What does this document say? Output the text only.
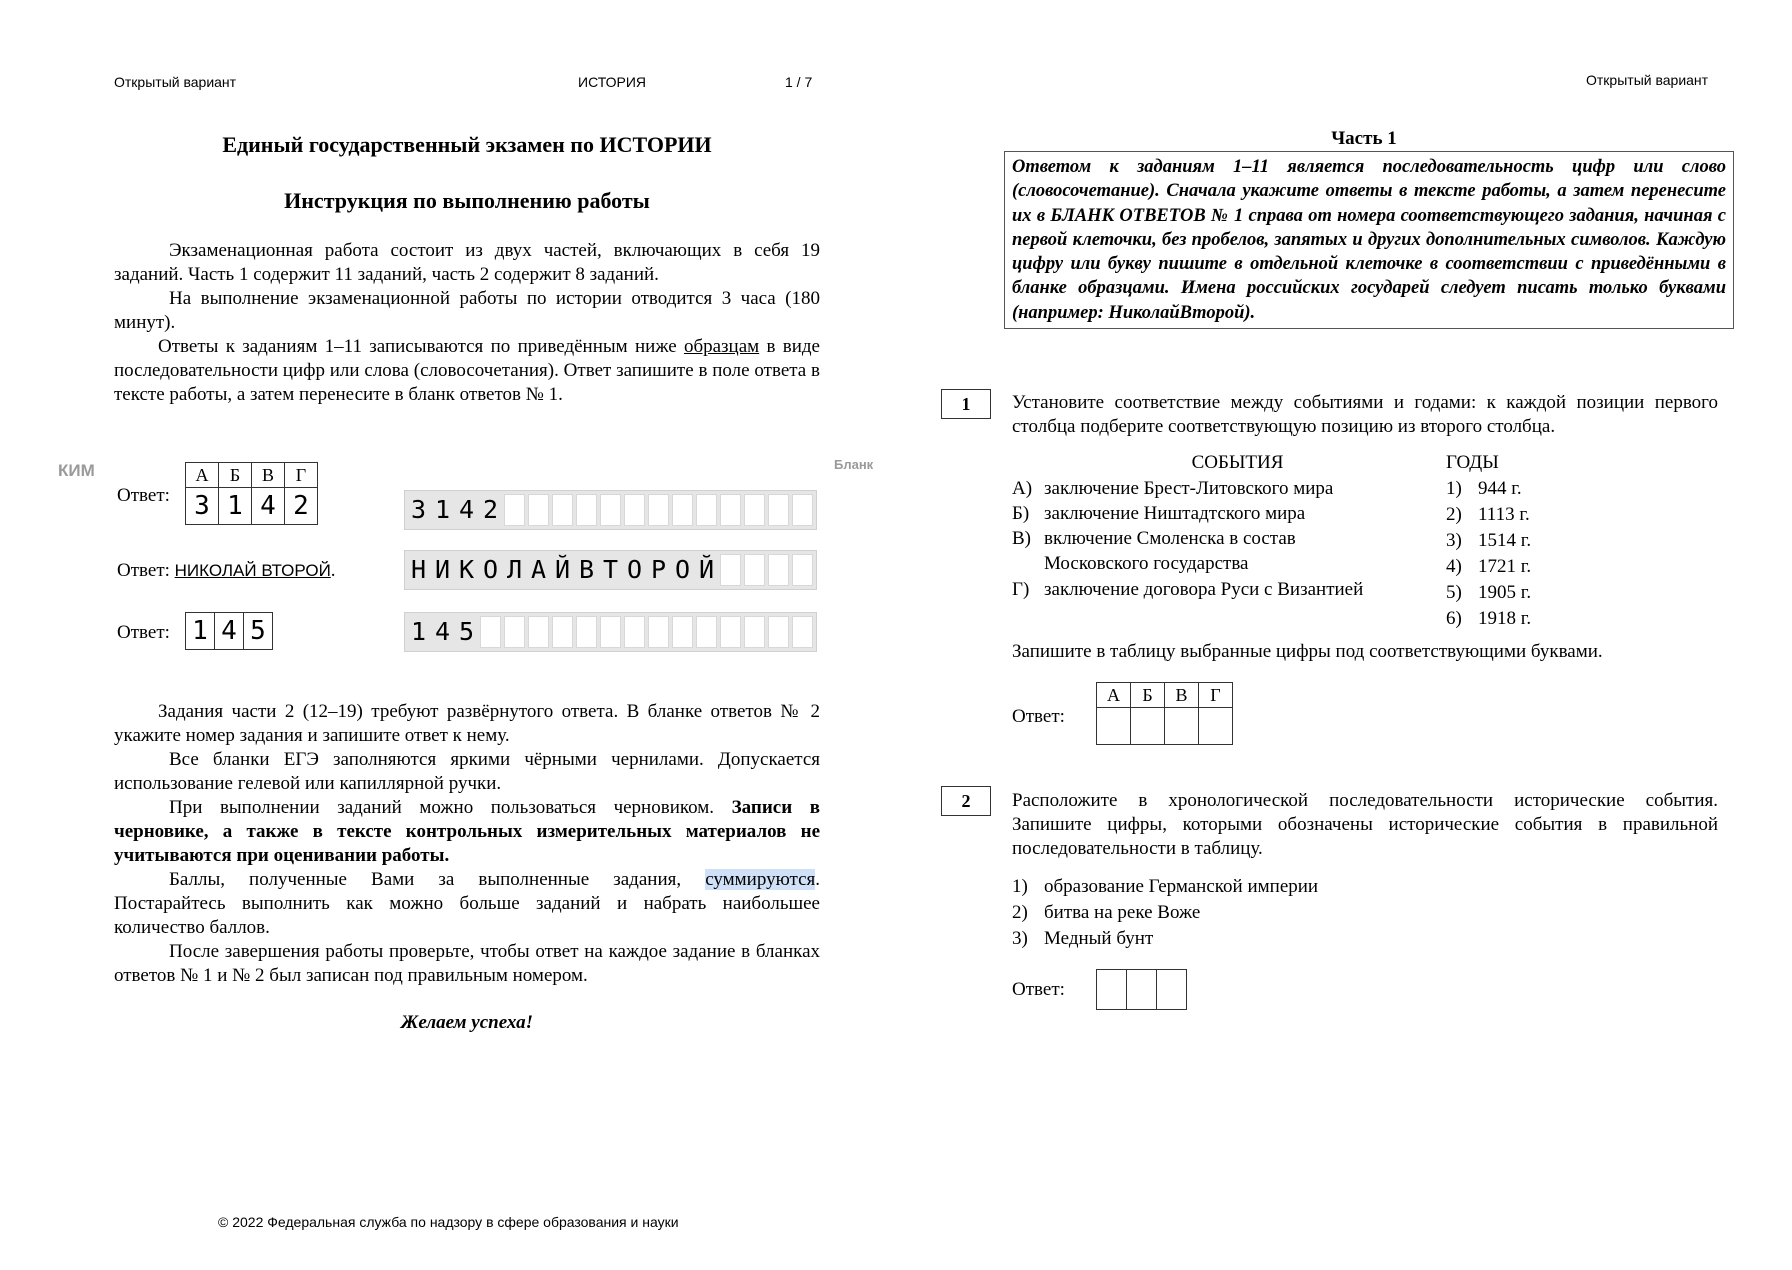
Открытый вариант	ИСТОРИЯ	1 / 7
Единый государственный экзамен по ИСТОРИИ
Инструкция по выполнению работы

Экзаменационная работа состоит из двух частей, включающих в себя 19 заданий. Часть 1 содержит 11 заданий, часть 2 содержит 8 заданий.

На выполнение экзаменационной работы по истории отводится 3 часа (180 минут).

Ответы к заданиям 1–11 записываются по приведённым ниже образцам в виде последовательности цифр или слова (словосочетания). Ответ запишите в поле ответа в тексте работы, а затем перенесите в бланк ответов № 1.

КИМ	Бланк
Ответ:
А	Б	В	Г
3	1	4	2	3 1 4 2
Ответ: НИКОЛАЙ ВТОРОЙ.	Н И К О Л А Й В Т О Р О Й
Ответ: 1	4	5	1 4 5

Задания части 2 (12–19) требуют развёрнутого ответа. В бланке ответов № 2 укажите номер задания и запишите ответ к нему.

Все бланки ЕГЭ заполняются яркими чёрными чернилами. Допускается использование гелевой или капиллярной ручки.

При выполнении заданий можно пользоваться черновиком. Записи в черновике, а также в тексте контрольных измерительных материалов не учитываются при оценивании работы.

Баллы, полученные Вами за выполненные задания, суммируются. Постарайтесь выполнить как можно больше заданий и набрать наибольшее количество баллов.

После завершения работы проверьте, чтобы ответ на каждое задание в бланках ответов № 1 и № 2 был записан под правильным номером.

Желаем успеха!
© 2022 Федеральная служба по надзору в сфере образования и науки
Открытый вариант
Часть 1
Ответом к заданиям 1–11 является последовательность цифр или слово (словосочетание). Сначала укажите ответы в тексте работы, а затем перенесите их в БЛАНК ОТВЕТОВ № 1 справа от номера соответствующего задания, начиная с первой клеточки, без пробелов, запятых и других дополнительных символов. Каждую цифру или букву пишите в отдельной клеточке в соответствии с приведёнными в бланке образцами. Имена российских государей следует писать только буквами (например: НиколайВторой).
1	Установите соответствие между событиями и годами: к каждой позиции первого столбца подберите соответствующую позицию из второго столбца.

СОБЫТИЯ	ГОДЫ
А) заключение Брест-Литовского мира
Б) заключение Ништадтского мира
В) включение Смоленска в состав Московского государства
Г) заключение договора Руси с Византией
1) 944 г.
2) 1113 г.
3) 1514 г.
4) 1721 г.
5) 1905 г.
6) 1918 г.

Запишите в таблицу выбранные цифры под соответствующими буквами.

Ответ:
А	Б	В	Г

2	Расположите в хронологической последовательности исторические события. Запишите цифры, которыми обозначены исторические события в правильной последовательности в таблицу.

1) образование Германской империи
2) битва на реке Воже
3) Медный бунт
Ответ:
